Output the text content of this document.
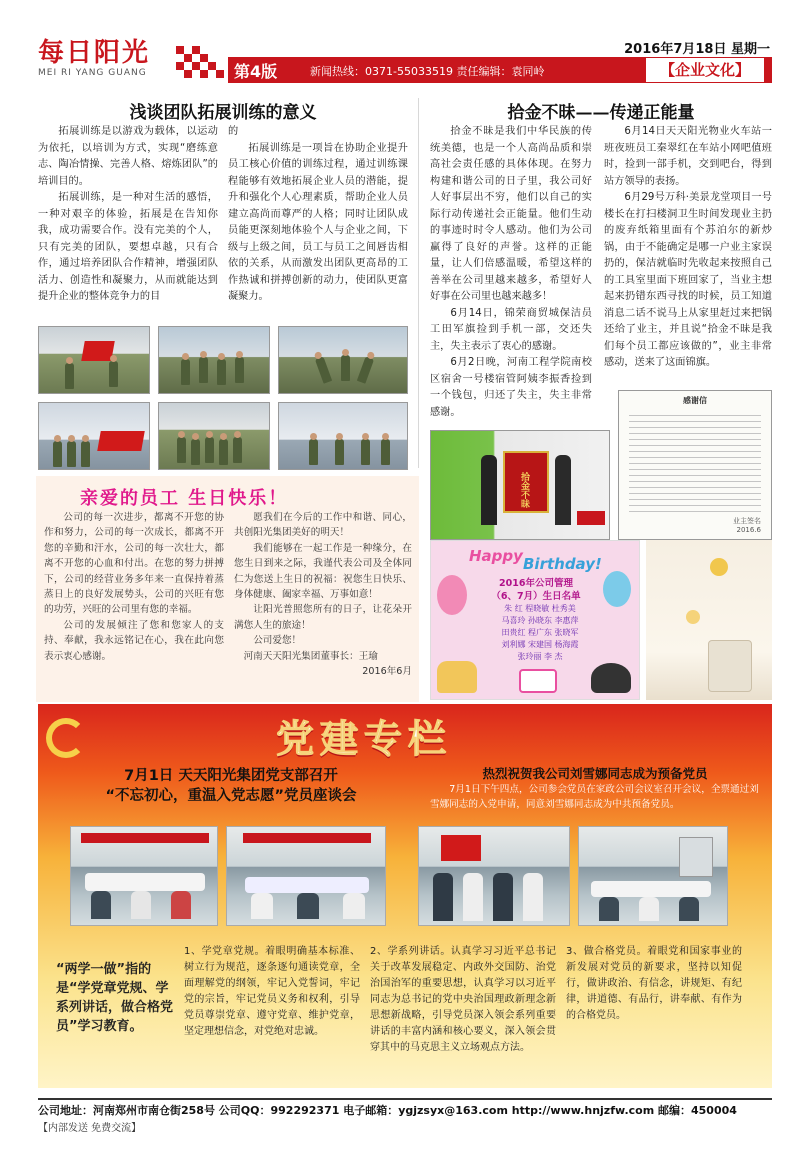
每日阳光
MEI RI YANG GUANG
2016年7月18日 星期一
第4版	新闻热线：0371-55033519 责任编辑：袁同岭	【企业文化】
浅谈团队拓展训练的意义

拓展训练是以游戏为载体，以运动为依托，以培训为方式，实现“磨练意志、陶冶情操、完善人格、熔炼团队”的培训目的。

拓展训练，是一种对生活的感悟，一种对艰辛的体验，拓展是在告知你我，成功需要合作。没有完美的个人，只有完美的团队，要想卓越，只有合作，通过培养团队合作精神，增强团队活力、创造性和凝聚力，从而就能达到提升企业的整体竞争力的目

的

拓展训练是一项旨在协助企业提升员工核心价值的训练过程，通过训练课程能够有效地拓展企业人员的潜能，提升和强化个人心理素质，帮助企业人员建立高尚而尊严的人格；同时让团队成员能更深刻地体验个人与企业之间，下级与上级之间，员工与员工之间唇齿相依的关系，从而激发出团队更高昂的工作热诚和拼搏创新的动力，使团队更富凝聚力。

拾金不昧——传递正能量

拾金不昧是我们中华民族的传统美德，也是一个人高尚品质和崇高社会责任感的具体体现。在努力构建和谐公司的日子里，我公司好人好事层出不穷，他们以自己的实际行动传递社会正能量。他们生动的事迹时时令人感动。他们为公司赢得了良好的声誉。这样的正能量，让人们倍感温暖，希望这样的善举在公司里越来越多，希望好人好事在公司里也越来越多！

6月14日，锦荣商贸城保洁员工田军旗捡到手机一部，交还失主，失主表示了衷心的感谢。

6月2日晚，河南工程学院南校区宿舍一号楼宿管阿姨李振香捡到一个钱包，归还了失主，失主非常感谢。

6月14日天天阳光物业火车站一班夜班员工秦翠红在车站小网吧值班时，捡到一部手机，交到吧台，得到站方领导的表扬。

6月29号万科·美景龙堂项目一号楼长在打扫楼洞卫生时间发现业主扔的废弃纸箱里面有个苏泊尔的新炒锅，由于不能确定是哪一户业主家误扔的，保洁就临时先收起来按照自己的工具室里面下班回家了，当业主想起来扔错东西寻找的时候，员工知道消息二话不说马上从家里赶过来把锅还给了业主，并且说“拾金不昧是我们每个员工都应该做的”，业主非常感动，送来了这面锦旗。

拾金不昧
感谢信
业主签名
2016.6
亲爱的员工 生日快乐！

公司的每一次进步，都离不开您的协作和努力，公司的每一次成长，都离不开您的辛勤和汗水，公司的每一次壮大，都离不开您的心血和付出。在您的努力拼搏下，公司的经营业务多年来一直保持着蒸蒸日上的良好发展势头，公司的兴旺有您的功劳，兴旺的公司里有您的幸福。

公司的发展倾注了您和您家人的支持、奉献，我永远铭记在心，我在此向您表示衷心感谢。

愿我们在今后的工作中和谐、同心，共创阳光集团美好的明天！

我们能够在一起工作是一种缘分，在您生日到来之际，我谨代表公司及全体同仁为您送上生日的祝福：祝您生日快乐、身体健康、阖家幸福、万事如意！

让阳光普照您所有的日子，让花朵开满您人生的旅途！

公司爱您！

河南天天阳光集团董事长：王瑜

2016年6月

Happy Birthday!
2016年公司管理
（6、7月）生日名单
朱 红 程晓敏 杜秀美
马喜玲 孙晓东 李惠萍
田贵红 程广东 张晓军
刘利娜 宋建国 杨海霞
张玲丽 李 杰
党建专栏
7月1日 天天阳光集团党支部召开
“不忘初心，重温入党志愿”党员座谈会
热烈祝贺我公司刘雪娜同志成为预备党员
7月1日下午四点，公司参会党员在家政公司会议室召开会议，全票通过刘雪娜同志的入党申请，同意刘雪娜同志成为中共预备党员。
“两学一做”指的是“学党章党规、学系列讲话，做合格党员”学习教育。
1、学党章党规。着眼明确基本标准、树立行为规范，逐条逐句通读党章，全面理解党的纲领，牢记入党誓词，牢记党的宗旨，牢记党员义务和权利，引导党员尊崇党章、遵守党章、维护党章，坚定理想信念，对党绝对忠诚。
2、学系列讲话。认真学习习近平总书记关于改革发展稳定、内政外交国防、治党治国治军的重要思想，认真学习以习近平同志为总书记的党中央治国理政新理念新思想新战略，引导党员深入领会系列重要讲话的丰富内涵和核心要义，深入领会贯穿其中的马克思主义立场观点方法。
3、做合格党员。着眼党和国家事业的新发展对党员的新要求，坚持以知促行，做讲政治、有信念，讲规矩、有纪律，讲道德、有品行，讲奉献、有作为的合格党员。
公司地址：河南郑州市南仓街258号 公司QQ：992292371 电子邮箱：ygjzsyx@163.com http://www.hnjzfw.com 邮编：450004
【内部发送 免费交流】
